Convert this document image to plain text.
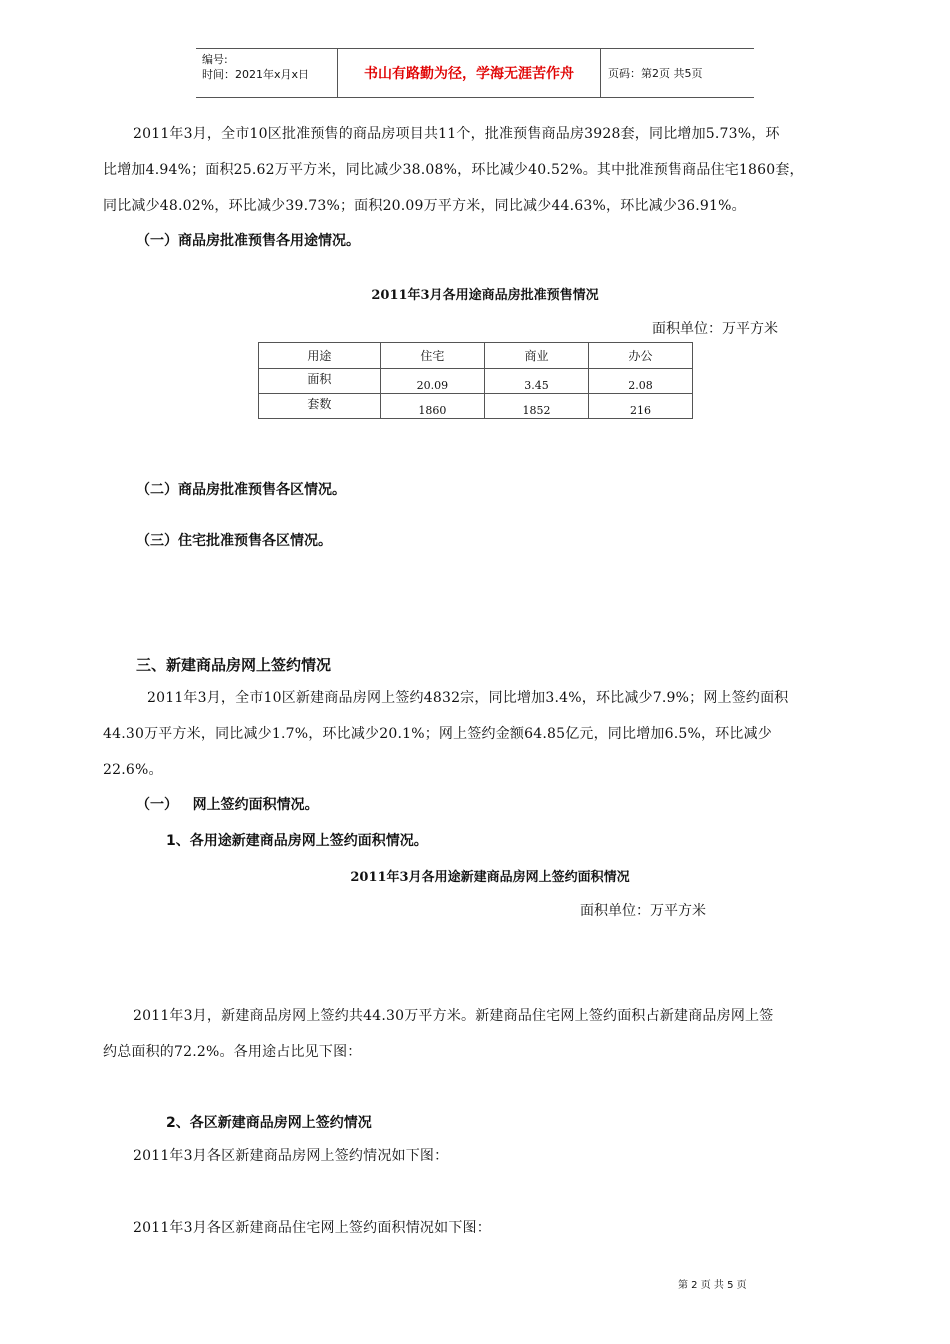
编号:
时间：2021年x月x日	书山有路勤为径，学海无涯苦作舟	页码：第2页 共5页
2011年3月，全市10区批准预售的商品房项目共11个，批准预售商品房3928套，同比增加5.73%，环
比增加4.94%；面积25.62万平方米，同比减少38.08%，环比减少40.52%。其中批准预售商品住宅1860套，
同比减少48.02%，环比减少39.73%；面积20.09万平方米，同比减少44.63%，环比减少36.91%。
（一）商品房批准预售各用途情况。
2011年3月各用途商品房批准预售情况
面积单位：万平方米
用途	住宅	商业	办公
面积	20.09	3.45	2.08
套数	1860	1852	216
（二）商品房批准预售各区情况。
（三）住宅批准预售各区情况。
三、新建商品房网上签约情况
2011年3月，全市10区新建商品房网上签约4832宗，同比增加3.4%，环比减少7.9%；网上签约面积
44.30万平方米，同比减少1.7%，环比减少20.1%；网上签约金额64.85亿元，同比增加6.5%，环比减少
22.6%。
（一）   网上签约面积情况。
1、各用途新建商品房网上签约面积情况。
2011年3月各用途新建商品房网上签约面积情况
面积单位：万平方米
2011年3月，新建商品房网上签约共44.30万平方米。新建商品住宅网上签约面积占新建商品房网上签
约总面积的72.2%。各用途占比见下图：
2、各区新建商品房网上签约情况
2011年3月各区新建商品房网上签约情况如下图：
2011年3月各区新建商品住宅网上签约面积情况如下图：
第 2 页 共 5 页
